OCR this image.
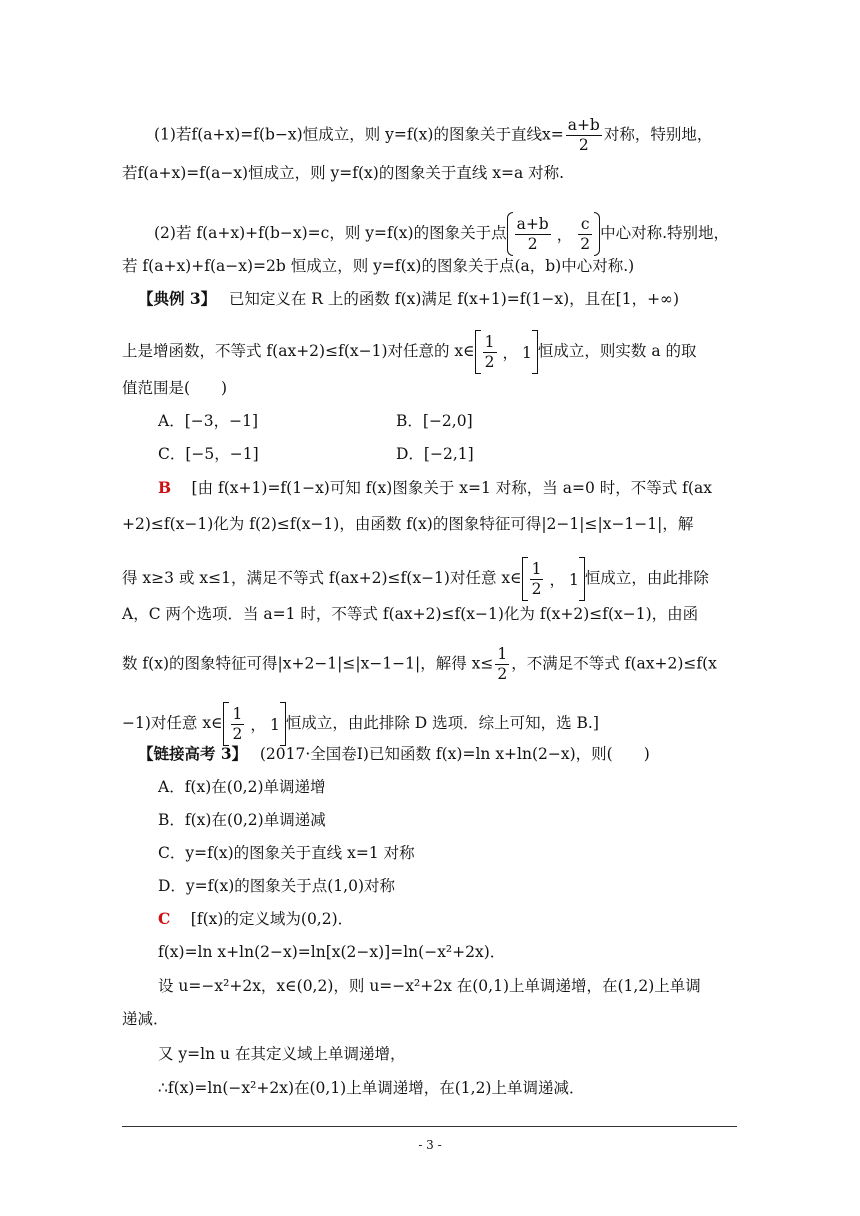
(1)若f(a+x)=f(b−x)恒成立，则 y=f(x)的图象关于直线$x= \frac{a+b}{2}$ 对称，特别地，
若f(a+x)=f(a−x)恒成立，则 y=f(x)的图象关于直线 x=a 对称.
(2)若 f(a+x)+f(b−x)=c，则 y=f(x)的图象关于点 $\frac{a+b}{2}$ ， $\frac{c}{2}$ 中心对称.特别地，
若 f(a+x)+f(a−x)=2b 恒成立，则 y=f(x)的图象关于点(a，b)中心对称.)
【典例 3】　 已知定义在 R 上的函数 f(x)满足 f(x+1)=f(1−x)，且在[1，+∞)
上是增函数，不等式 f(ax+2)≤f(x−1)对任意的 x∈ $\frac{1}{2}$ ， 1 恒成立，则实数 a 的取
值范围是(　　)
A．[−3，−1]	B．[−2,0]
C．[−5，−1]	D．[−2,1]
B　 [由 f(x+1)=f(1−x)可知 f(x)图象关于 x=1 对称，当 a=0 时，不等式 f(ax
+2)≤f(x−1)化为 f(2)≤f(x−1)，由函数 f(x)的图象特征可得|2−1|≤|x−1−1|，解
得 x≥3 或 x≤1，满足不等式 f(ax+2)≤f(x−1)对任意 x∈ $\frac{1}{2}$ ， 1 恒成立，由此排除
A，C 两个选项．当 a=1 时，不等式 f(ax+2)≤f(x−1)化为 f(x+2)≤f(x−1)，由函
数 f(x)的图象特征可得|x+2−1|≤|x−1−1|，解得 $x\le \frac{1}{2}$ ，不满足不等式 f(ax+2)≤f(x
−1)对任意 x∈ $\frac{1}{2}$ ， 1 恒成立，由此排除 D 选项．综上可知，选 B.]
【链接高考 3】　 (2017·全国卷Ⅰ)已知函数 f(x)=ln x+ln(2−x)，则(　　)
A．f(x)在(0,2)单调递增
B．f(x)在(0,2)单调递减
C．y=f(x)的图象关于直线 x=1 对称
D．y=f(x)的图象关于点(1,0)对称
C　 [f(x)的定义域为(0,2)．
f(x)=ln x+ln(2−x)=ln[x(2−x)]=ln(−x²+2x)．
设 u=−x²+2x，x∈(0,2)，则 u=−x²+2x 在(0,1)上单调递增，在(1,2)上单调
递减．
又 y=ln u 在其定义域上单调递增，
∴f(x)=ln(−x²+2x)在(0,1)上单调递增，在(1,2)上单调递减．
- 3 -
